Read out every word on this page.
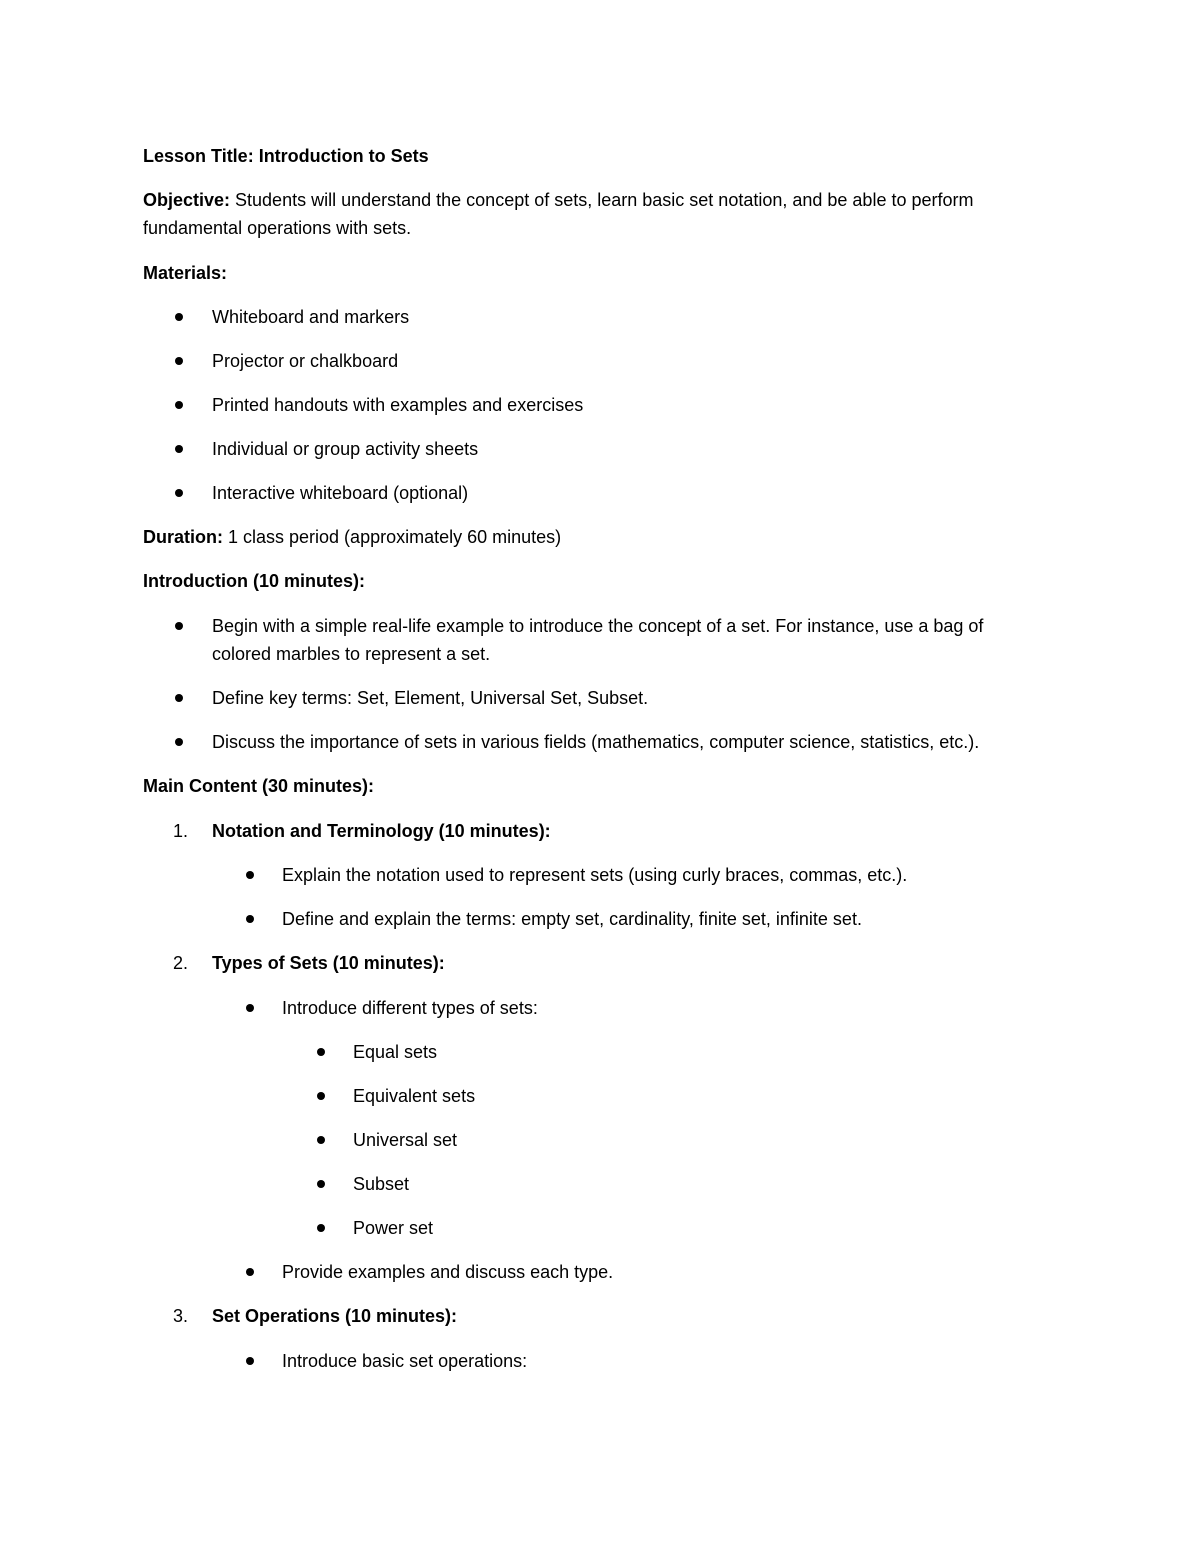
Lesson Title: Introduction to Sets
Objective: Students will understand the concept of sets, learn basic set notation, and be able to perform
fundamental operations with sets.
Materials:
Whiteboard and markers
Projector or chalkboard
Printed handouts with examples and exercises
Individual or group activity sheets
Interactive whiteboard (optional)
Duration: 1 class period (approximately 60 minutes)
Introduction (10 minutes):
Begin with a simple real-life example to introduce the concept of a set. For instance, use a bag of
colored marbles to represent a set.
Define key terms: Set, Element, Universal Set, Subset.
Discuss the importance of sets in various fields (mathematics, computer science, statistics, etc.).
Main Content (30 minutes):
1. Notation and Terminology (10 minutes):
Explain the notation used to represent sets (using curly braces, commas, etc.).
Define and explain the terms: empty set, cardinality, finite set, infinite set.
2. Types of Sets (10 minutes):
Introduce different types of sets:
Equal sets
Equivalent sets
Universal set
Subset
Power set
Provide examples and discuss each type.
3. Set Operations (10 minutes):
Introduce basic set operations:
